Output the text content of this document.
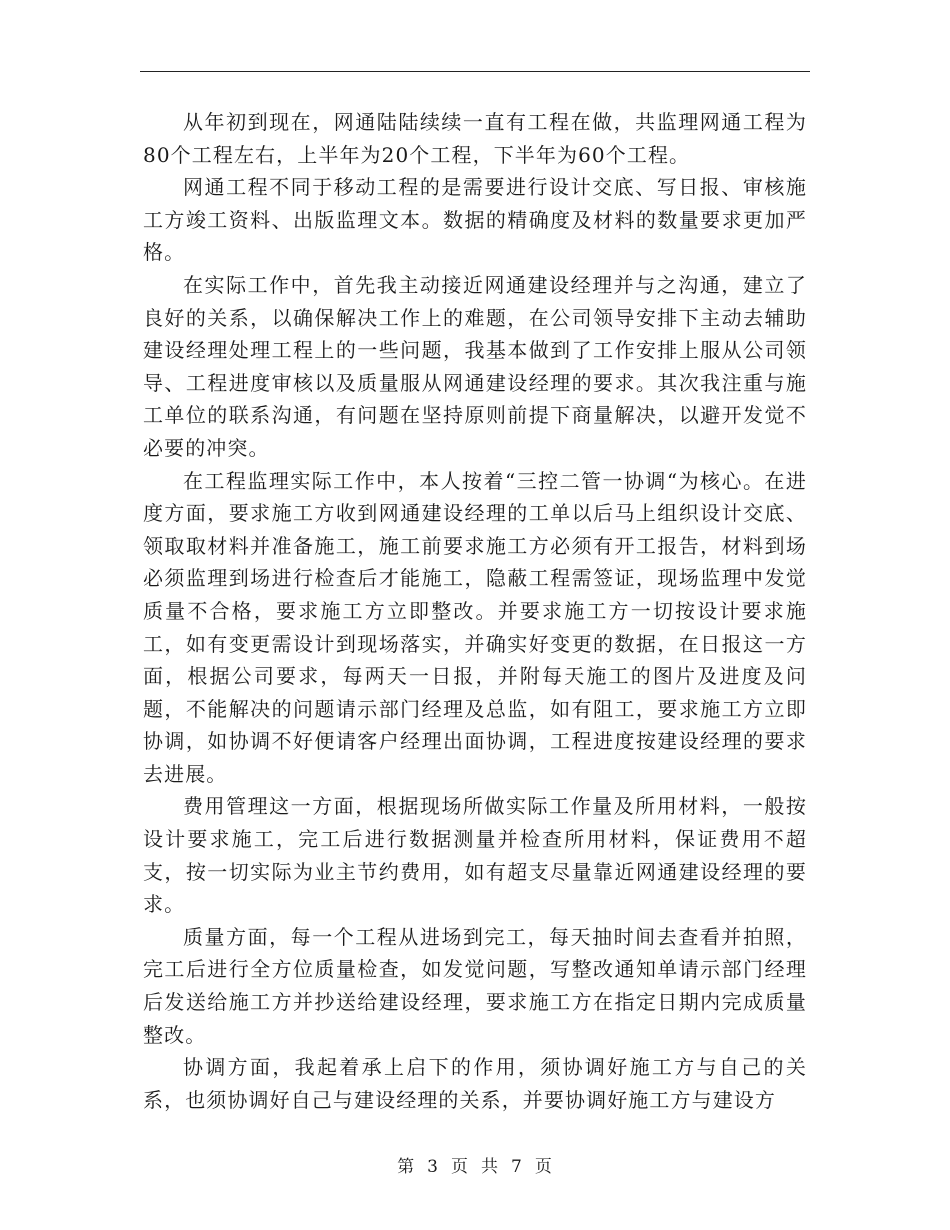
从年初到现在，网通陆陆续续一直有工程在做，共监理网通工程为80个工程左右，上半年为20个工程，下半年为60个工程。

网通工程不同于移动工程的是需要进行设计交底、写日报、审核施工方竣工资料、出版监理文本。数据的精确度及材料的数量要求更加严格。

在实际工作中，首先我主动接近网通建设经理并与之沟通，建立了良好的关系，以确保解决工作上的难题，在公司领导安排下主动去辅助建设经理处理工程上的一些问题，我基本做到了工作安排上服从公司领导、工程进度审核以及质量服从网通建设经理的要求。其次我注重与施工单位的联系沟通，有问题在坚持原则前提下商量解决，以避开发觉不必要的冲突。

在工程监理实际工作中，本人按着“三控二管一协调“为核心。在进度方面，要求施工方收到网通建设经理的工单以后马上组织设计交底、领取取材料并准备施工，施工前要求施工方必须有开工报告，材料到场必须监理到场进行检查后才能施工，隐蔽工程需签证，现场监理中发觉质量不合格，要求施工方立即整改。并要求施工方一切按设计要求施工，如有变更需设计到现场落实，并确实好变更的数据，在日报这一方面，根据公司要求，每两天一日报，并附每天施工的图片及进度及问题，不能解决的问题请示部门经理及总监，如有阻工，要求施工方立即协调，如协调不好便请客户经理出面协调，工程进度按建设经理的要求去进展。

费用管理这一方面，根据现场所做实际工作量及所用材料，一般按设计要求施工，完工后进行数据测量并检查所用材料，保证费用不超支，按一切实际为业主节约费用，如有超支尽量靠近网通建设经理的要求。

质量方面，每一个工程从进场到完工，每天抽时间去查看并拍照，完工后进行全方位质量检查，如发觉问题，写整改通知单请示部门经理后发送给施工方并抄送给建设经理，要求施工方在指定日期内完成质量整改。

协调方面，我起着承上启下的作用，须协调好施工方与自己的关系，也须协调好自己与建设经理的关系，并要协调好施工方与建设方

第 3 页 共 7 页
